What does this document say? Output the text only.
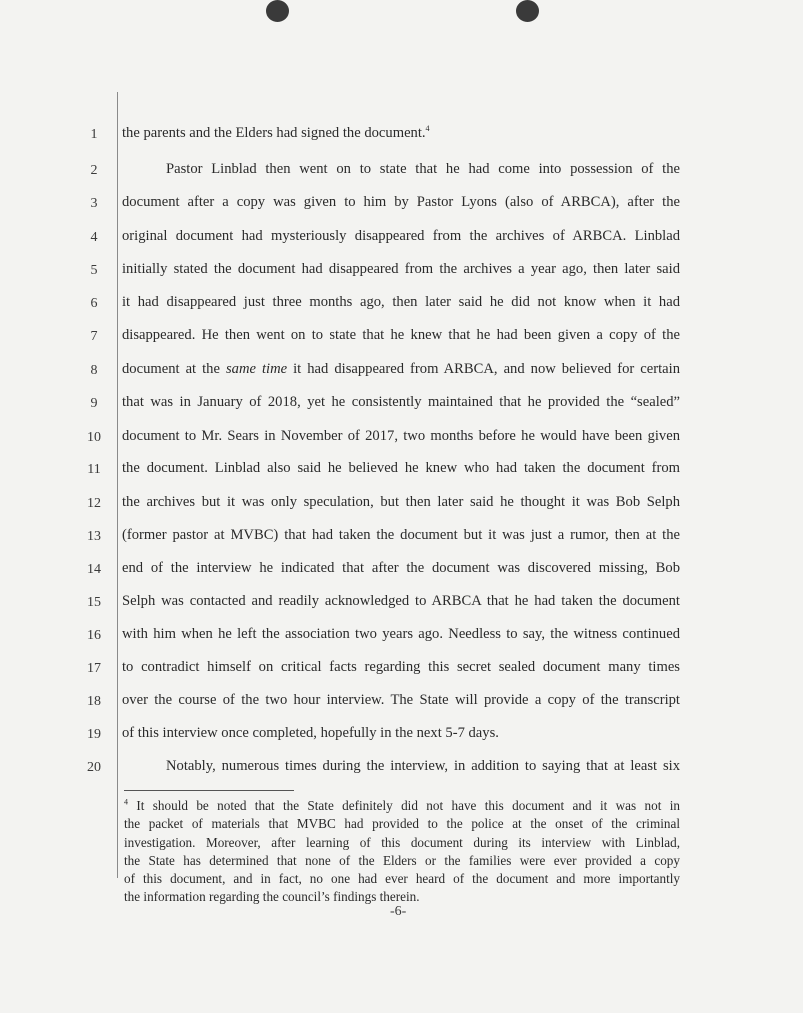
1
2
3
4
5
6
7
8
9
10
11
12
13
14
15
16
17
18
19
20
the parents and the Elders had signed the document.$^4$
Pastor Linblad then went on to state that he had come into possession of the
document after a copy was given to him by Pastor Lyons (also of ARBCA), after the
original document had mysteriously disappeared from the archives of ARBCA. Linblad
initially stated the document had disappeared from the archives a year ago, then later said
it had disappeared just three months ago, then later said he did not know when it had
disappeared. He then went on to state that he knew that he had been given a copy of the
document at the same time it had disappeared from ARBCA, and now believed for certain
that was in January of 2018, yet he consistently maintained that he provided the “sealed”
document to Mr. Sears in November of 2017, two months before he would have been given
the document. Linblad also said he believed he knew who had taken the document from
the archives but it was only speculation, but then later said he thought it was Bob Selph
(former pastor at MVBC) that had taken the document but it was just a rumor, then at the
end of the interview he indicated that after the document was discovered missing, Bob
Selph was contacted and readily acknowledged to ARBCA that he had taken the document
with him when he left the association two years ago. Needless to say, the witness continued
to contradict himself on critical facts regarding this secret sealed document many times
over the course of the two hour interview. The State will provide a copy of the transcript
of this interview once completed, hopefully in the next 5-7 days.
Notably, numerous times during the interview, in addition to saying that at least six
$^4$ It should be noted that the State definitely did not have this document and it was not in
the packet of materials that MVBC had provided to the police at the onset of the criminal
investigation. Moreover, after learning of this document during its interview with Linblad,
the State has determined that none of the Elders or the families were ever provided a copy
of this document, and in fact, no one had ever heard of the document and more importantly
the information regarding the council’s findings therein.
-6-
